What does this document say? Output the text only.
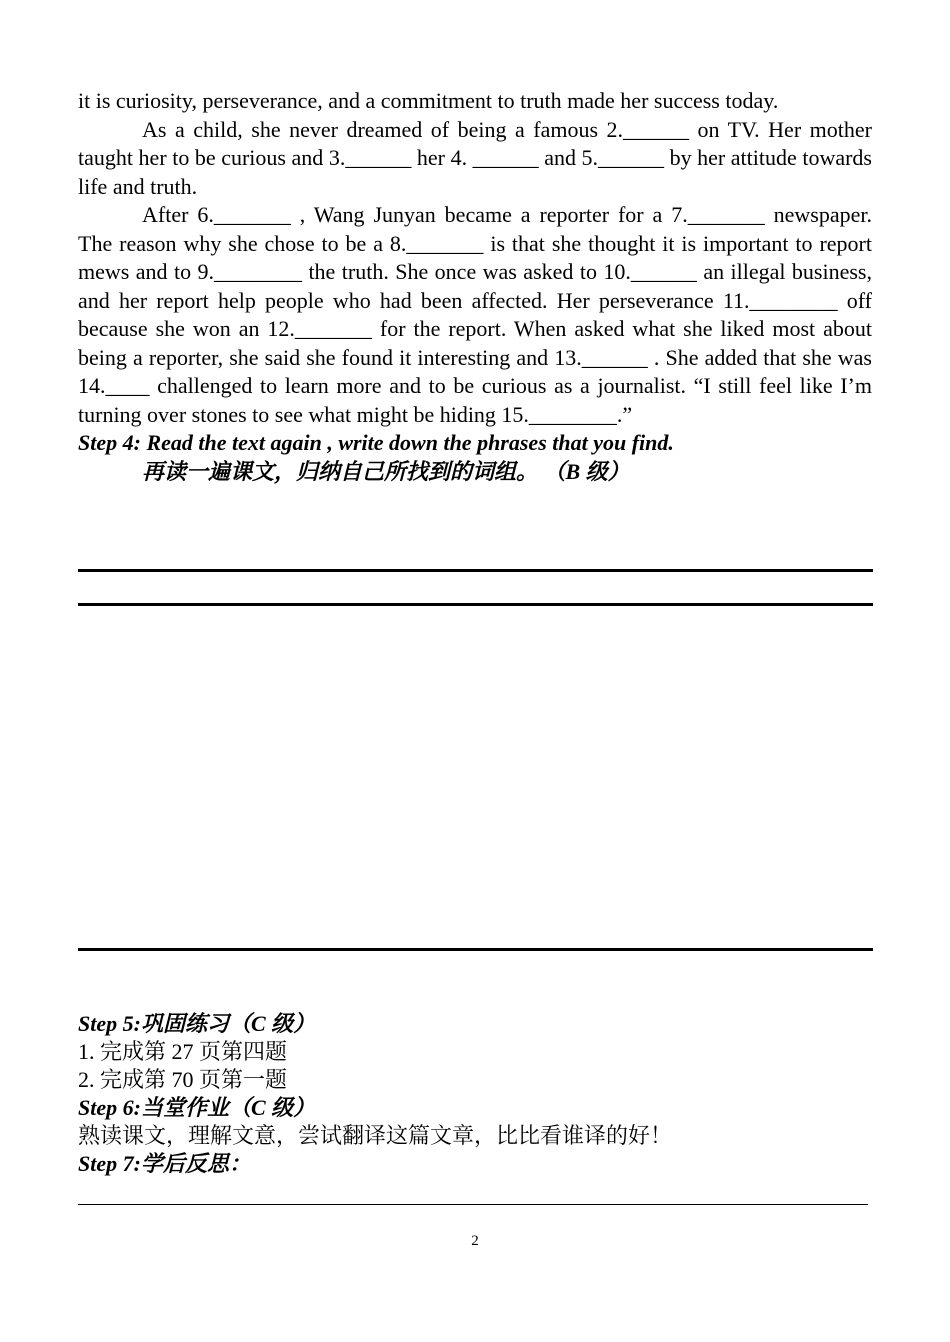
it is curiosity, perseverance, and a commitment to truth made her success today.

As a child, she never dreamed of being a famous 2.______ on TV. Her mother taught her to be curious and 3.______ her 4. ______ and 5.______ by her attitude towards life and truth.

After 6._______ , Wang Junyan became a reporter for a 7._______ newspaper. The reason why she chose to be a 8._______ is that she thought it is important to report mews and to 9.________ the truth. She once was asked to 10.______ an illegal business, and her report help people who had been affected. Her perseverance 11.________ off because she won an 12._______ for the report. When asked what she liked most about being a reporter, she said she found it interesting and 13.______ . She added that she was 14.____ challenged to learn more and to be curious as a journalist. “I still feel like I’m turning over stones to see what might be hiding 15.________.”

Step 4: Read the text again , write down the phrases that you find.

再读一遍课文，归纳自己所找到的词组。 （B 级）

Step 5:巩固练习（C 级）

1. 完成第 27 页第四题

2. 完成第 70 页第一题

Step 6:当堂作业（C 级）

熟读课文，理解文意，尝试翻译这篇文章，比比看谁译的好！

Step 7:学后反思：

2
